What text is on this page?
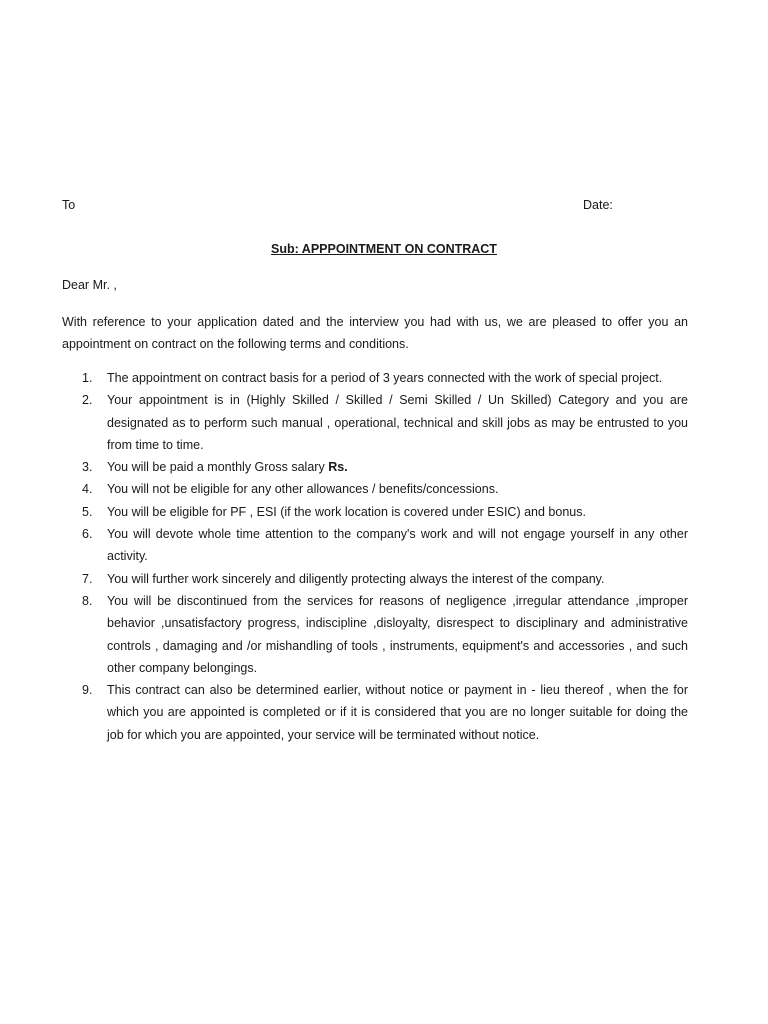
To	Date:
Sub: APPPOINTMENT ON CONTRACT
Dear Mr. ,
With reference to your application dated and the interview you had with us, we are pleased to offer you an appointment on contract on the following terms and conditions.
1.	The appointment on contract basis for a period of 3 years connected with the work of special project.
2.	Your appointment is in (Highly Skilled / Skilled / Semi Skilled / Un Skilled) Category and you are designated as to perform such manual , operational, technical and skill jobs as may be entrusted to you from time to time.
3.	You will be paid a monthly Gross salary Rs.
4.	You will not be eligible for any other allowances / benefits/concessions.
5.	You will be eligible for PF , ESI (if the work location is covered under ESIC) and bonus.
6.	You will devote whole time attention to the company's work and will not engage yourself in any other activity.
7.	You will further work sincerely and diligently protecting always the interest of the company.
8.	You will be discontinued from the services for reasons of negligence ,irregular attendance ,improper behavior ,unsatisfactory progress, indiscipline ,disloyalty, disrespect to disciplinary and administrative controls , damaging and /or mishandling of tools , instruments, equipment's and accessories , and such other company belongings.
9.	This contract can also be determined earlier, without notice or payment in - lieu thereof , when the for which you are appointed is completed or if it is considered that you are no longer suitable for doing the job for which you are appointed, your service will be terminated without notice.
